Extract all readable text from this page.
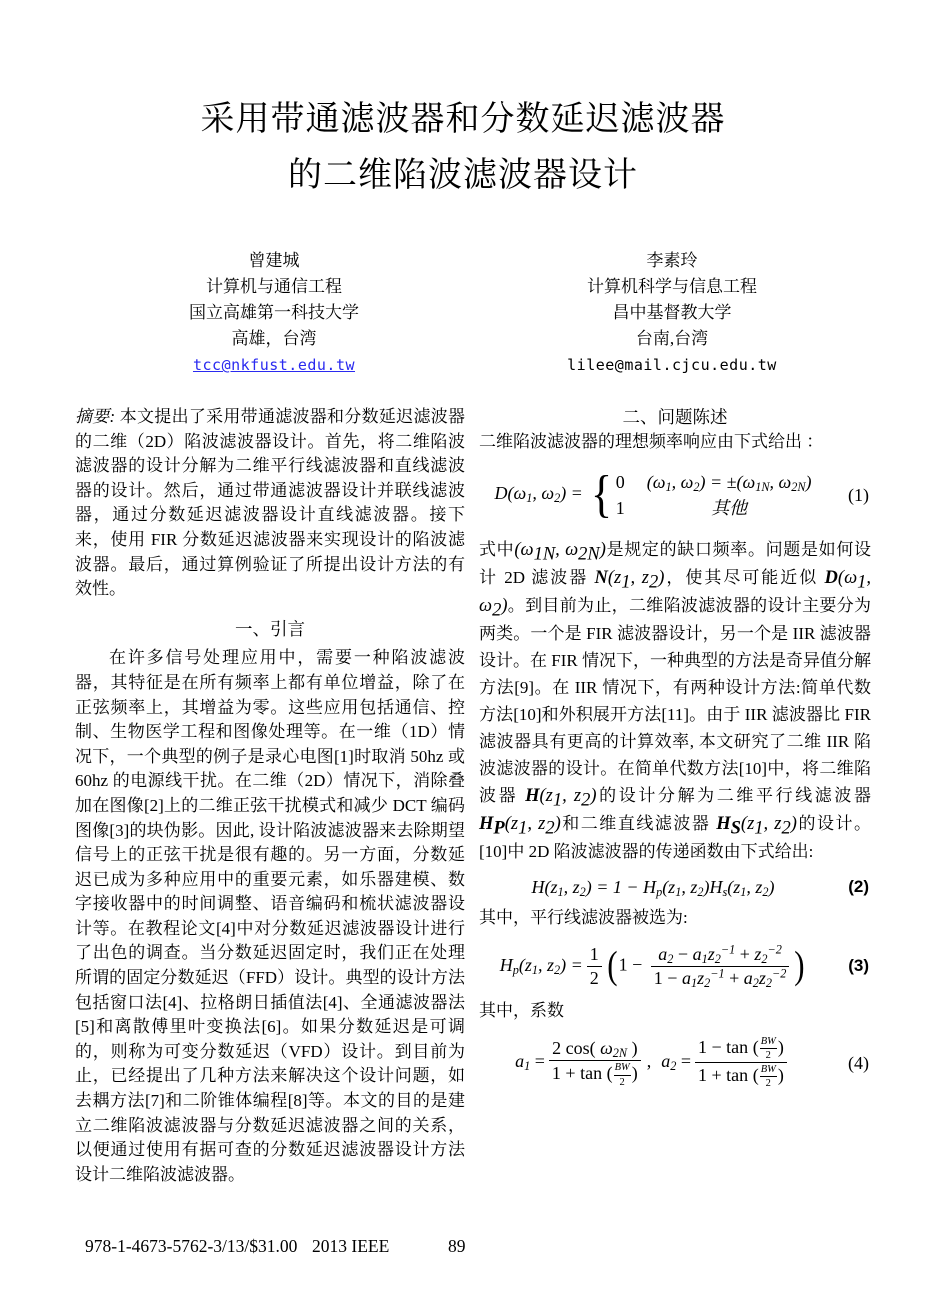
采用带通滤波器和分数延迟滤波器
的二维陷波滤波器设计
曾建城
计算机与通信工程
国立高雄第一科技大学
高雄，台湾
tcc@nkfust.edu.tw
李素玲
计算机科学与信息工程
昌中基督教大学
台南,台湾
lilee@mail.cjcu.edu.tw

摘要: 本文提出了采用带通滤波器和分数延迟滤波器的二维（2D）陷波滤波器设计。首先，将二维陷波滤波器的设计分解为二维平行线滤波器和直线滤波器的设计。然后，通过带通滤波器设计并联线滤波器，通过分数延迟滤波器设计直线滤波器。接下来，使用 FIR 分数延迟滤波器来实现设计的陷波滤波器。最后，通过算例验证了所提出设计方法的有效性。

一、引言

在许多信号处理应用中，需要一种陷波滤波器，其特征是在所有频率上都有单位增益，除了在正弦频率上，其增益为零。这些应用包括通信、控制、生物医学工程和图像处理等。在一维（1D）情况下，一个典型的例子是录心电图[1]时取消 50hz 或 60hz 的电源线干扰。在二维（2D）情况下，消除叠加在图像[2]上的二维正弦干扰模式和减少 DCT 编码图像[3]的块伪影。因此, 设计陷波滤波器来去除期望信号上的正弦干扰是很有趣的。另一方面，分数延迟已成为多种应用中的重要元素，如乐器建模、数字接收器中的时间调整、语音编码和梳状滤波器设计等。在教程论文[4]中对分数延迟滤波器设计进行了出色的调查。当分数延迟固定时，我们正在处理所谓的固定分数延迟（FFD）设计。典型的设计方法包括窗口法[4]、拉格朗日插值法[4]、全通滤波器法[5]和离散傅里叶变换法[6]。如果分数延迟是可调的，则称为可变分数延迟（VFD）设计。到目前为止，已经提出了几种方法来解决这个设计问题，如去耦方法[7]和二阶锥体编程[8]等。本文的目的是建立二维陷波滤波器与分数延迟滤波器之间的关系，以便通过使用有据可查的分数延迟滤波器设计方法设计二维陷波滤波器。

二、问题陈述

二维陷波滤波器的理想频率响应由下式给出 ：

$D(\omega_1$, $\omega_2$) = { 0 ($\omega_1$, $\omega_2) = \pm(\omega_{1N}$, $\omega_{2N}$)
1	其他
(1)

式中($\omega_{1N}$, $\omega_{2N}$)是规定的缺口频率。问题是如何设计 2D 滤波器 $N(z_1$, $z_2$)，使其尽可能近似 $D(\omega_1$, $\omega_2$)。到目前为止，二维陷波滤波器的设计主要分为两类。一个是 FIR 滤波器设计，另一个是 IIR 滤波器设计。在 FIR 情况下，一种典型的方法是奇异值分解方法[9]。在 IIR 情况下，有两种设计方法:简单代数方法[10]和外积展开方法[11]。由于 IIR 滤波器比 FIR 滤波器具有更高的计算效率, 本文研究了二维 IIR 陷波滤波器的设计。在简单代数方法[10]中，将二维陷波器 $H(z_1$, $z_2$)的设计分解为二维平行线滤波器 $H_P(z_1$, $z_2$)和二维直线滤波器 $H_S(z_1$, $z_2$)的设计。[10]中 2D 陷波滤波器的传递函数由下式给出:

$H(z_1$, $z_2) = 1 - H_p(z_1$, $z_2)H_s(z_1$, $z_2$)	(2)

其中，平行线滤波器被选为:

$H_p(z_1$, $z_2) = \frac{1}{2} (1 - \frac{a_2 - a_1z_2^{-1} + z_2^{-2}}{1 - a_1z_2^{-1} + a_2z_2^{-2}}$ )	(3)

其中，系数

$a_1 = \frac{2 \cos( \omega_{2N} )}{1 + \tan ( \frac{BW}{2} )}$ , $a_2 = \frac{1 - \tan ( \frac{BW}{2} )}{1 + \tan ( \frac{BW}{2} )}$	(4)
978-1-4673-5762-3/13/$31.00 2013 IEEE	89
